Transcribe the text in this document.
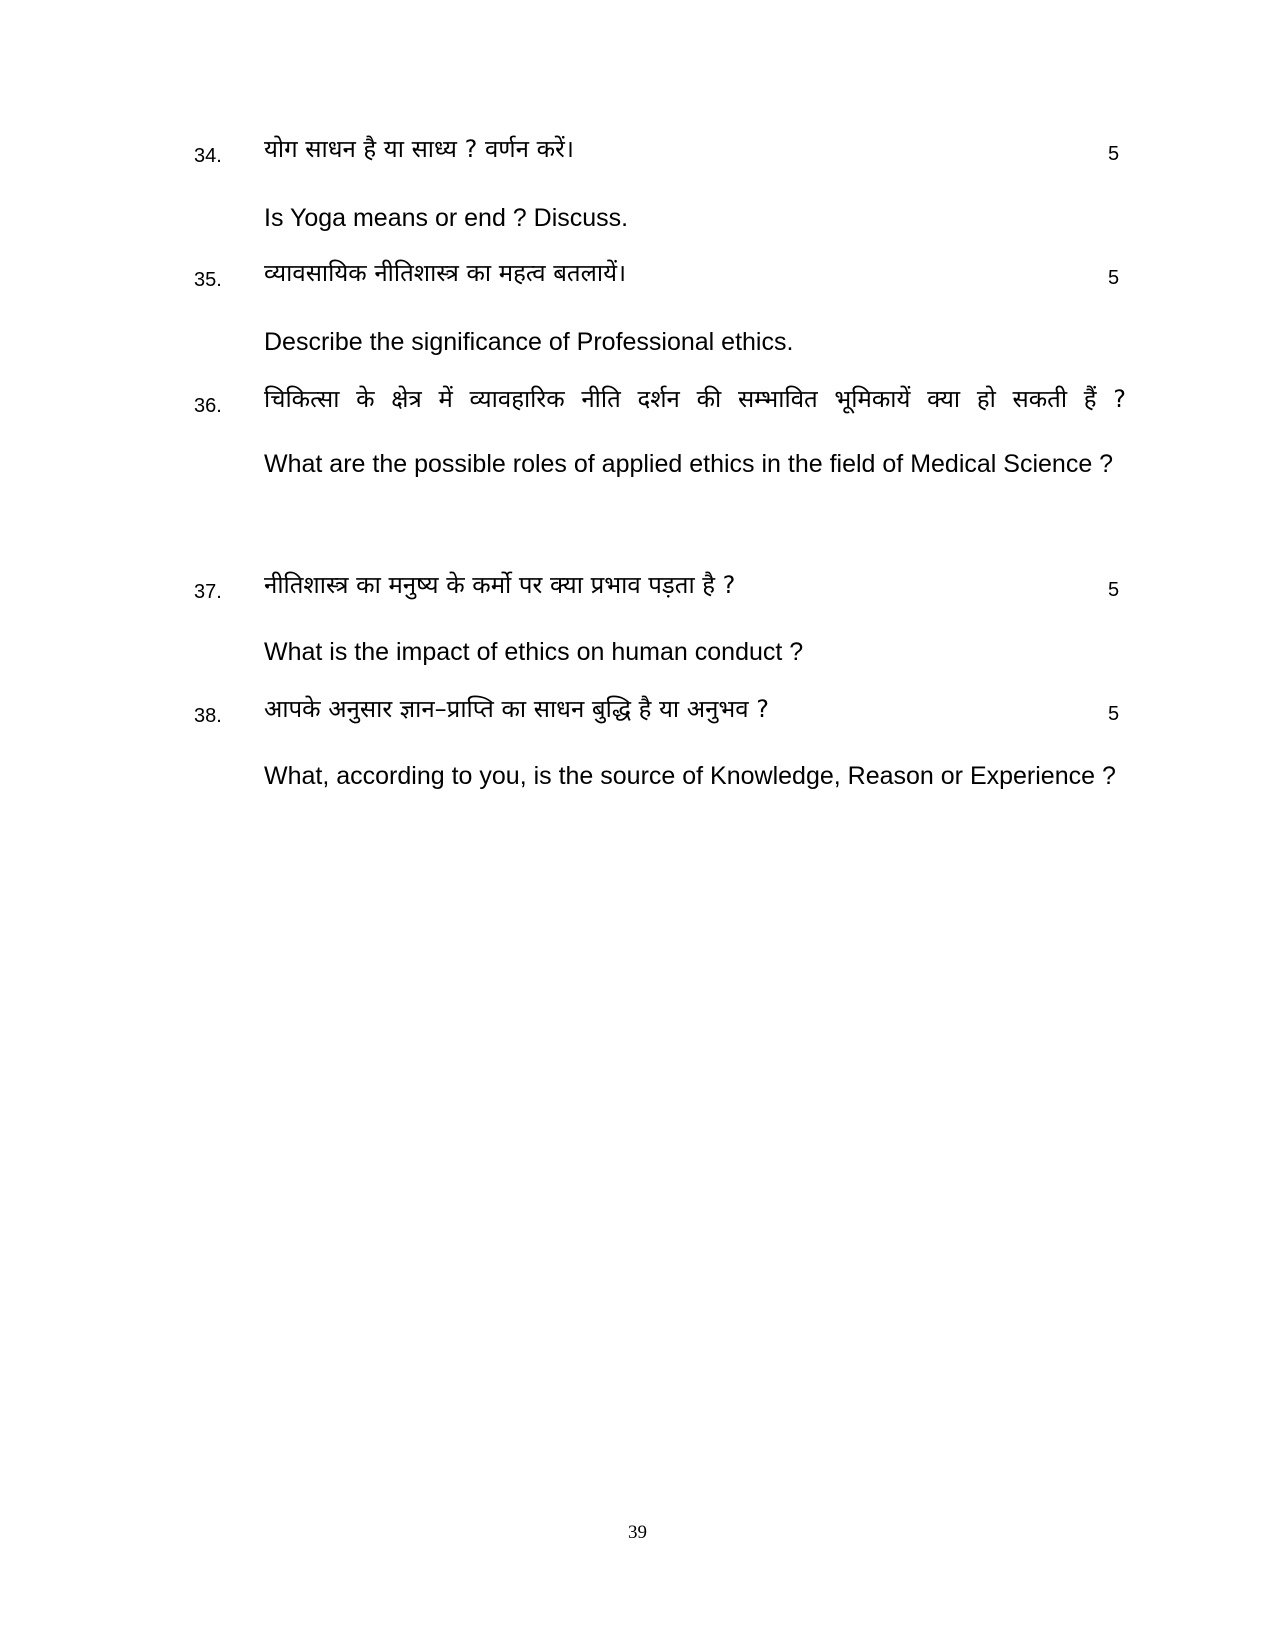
34. योग साधन है या साध्य ? वर्णन करें।	5
Is Yoga means or end ? Discuss.
35. व्यावसायिक नीतिशास्त्र का महत्व बतलायें।	5
Describe the significance of Professional ethics.
36. चिकित्सा के क्षेत्र में व्यावहारिक नीति दर्शन की सम्भावित भूमिकायें क्या हो सकती हैं ?
What are the possible roles of applied ethics in the field of Medical Science ?
37. नीतिशास्त्र का मनुष्य के कर्मो पर क्या प्रभाव पड़ता है ?	5
What is the impact of ethics on human conduct ?
38. आपके अनुसार ज्ञान–प्राप्ति का साधन बुद्धि है या अनुभव ?	5
What, according to you, is the source of Knowledge, Reason or Experience ?
39
